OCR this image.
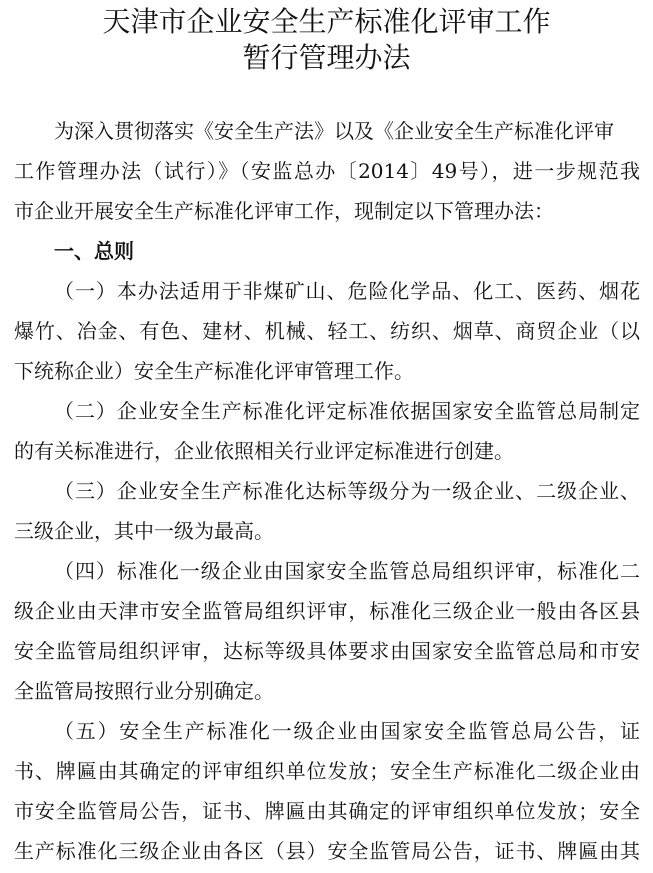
天津市企业安全生产标准化评审工作
暂行管理办法
为深入贯彻落实《安全生产法》以及《企业安全生产标准化评审
工作管理办法（试行）》（安监总办〔2014〕49号），进一步规范我
市企业开展安全生产标准化评审工作，现制定以下管理办法：
一、总则
（一）本办法适用于非煤矿山、危险化学品、化工、医药、烟花
爆竹、冶金、有色、建材、机械、轻工、纺织、烟草、商贸企业（以
下统称企业）安全生产标准化评审管理工作。
（二）企业安全生产标准化评定标准依据国家安全监管总局制定
的有关标准进行，企业依照相关行业评定标准进行创建。
（三）企业安全生产标准化达标等级分为一级企业、二级企业、
三级企业，其中一级为最高。
（四）标准化一级企业由国家安全监管总局组织评审，标准化二
级企业由天津市安全监管局组织评审，标准化三级企业一般由各区县
安全监管局组织评审，达标等级具体要求由国家安全监管总局和市安
全监管局按照行业分别确定。
（五）安全生产标准化一级企业由国家安全监管总局公告，证
书、牌匾由其确定的评审组织单位发放；安全生产标准化二级企业由
市安全监管局公告，证书、牌匾由其确定的评审组织单位发放；安全
生产标准化三级企业由各区（县）安全监管局公告，证书、牌匾由其
